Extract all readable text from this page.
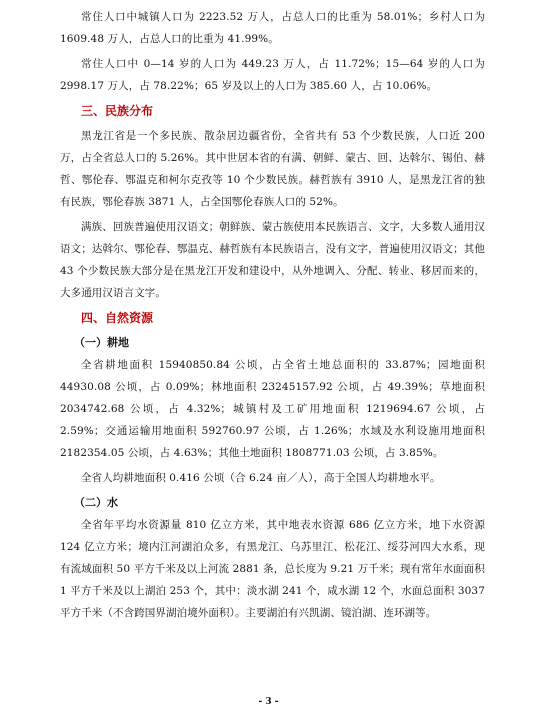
常住人口中城镇人口为 2223.52 万人，占总人口的比重为 58.01%；乡村人口为 1609.48 万人，占总人口的比重为 41.99%。

常住人口中 0—14 岁的人口为 449.23 万人，占 11.72%；15—64 岁的人口为 2998.17 万人，占 78.22%；65 岁及以上的人口为 385.60 人，占 10.06%。

三、民族分布

黑龙江省是一个多民族、散杂居边疆省份，全省共有 53 个少数民族，人口近 200 万，占全省总人口的 5.26%。其中世居本省的有满、朝鲜、蒙古、回、达斡尔、锡伯、赫哲、鄂伦春、鄂温克和柯尔克孜等 10 个少数民族。赫哲族有 3910 人，是黑龙江省的独有民族，鄂伦春族 3871 人，占全国鄂伦春族人口的 52%。

满族、回族普遍使用汉语文；朝鲜族、蒙古族使用本民族语言、文字，大多数人通用汉语文；达斡尔、鄂伦春、鄂温克、赫哲族有本民族语言，没有文字，普遍使用汉语文；其他 43 个少数民族大部分是在黑龙江开发和建设中，从外地调入、分配、转业、移居而来的，大多通用汉语言文字。

四、自然资源
（一）耕地

全省耕地面积 15940850.84 公顷，占全省土地总面积的 33.87%；园地面积 44930.08 公顷，占 0.09%；林地面积 23245157.92 公顷，占 49.39%；草地面积 2034742.68 公顷，占 4.32%；城镇村及工矿用地面积 1219694.67 公顷，占 2.59%；交通运输用地面积 592760.97 公顷，占 1.26%；水域及水利设施用地面积 2182354.05 公顷，占 4.63%；其他土地面积 1808771.03 公顷，占 3.85%。

全省人均耕地面积 0.416 公顷（合 6.24 亩／人），高于全国人均耕地水平。

（二）水

全省年平均水资源量 810 亿立方米，其中地表水资源 686 亿立方米，地下水资源 124 亿立方米；境内江河湖泊众多，有黑龙江、乌苏里江、松花江、绥芬河四大水系，现有流域面积 50 平方千米及以上河流 2881 条，总长度为 9.21 万千米；现有常年水面面积 1 平方千米及以上湖泊 253 个，其中：淡水湖 241 个，咸水湖 12 个，水面总面积 3037 平方千米（不含跨国界湖泊境外面积）。主要湖泊有兴凯湖、镜泊湖、连环湖等。

- 3 -
